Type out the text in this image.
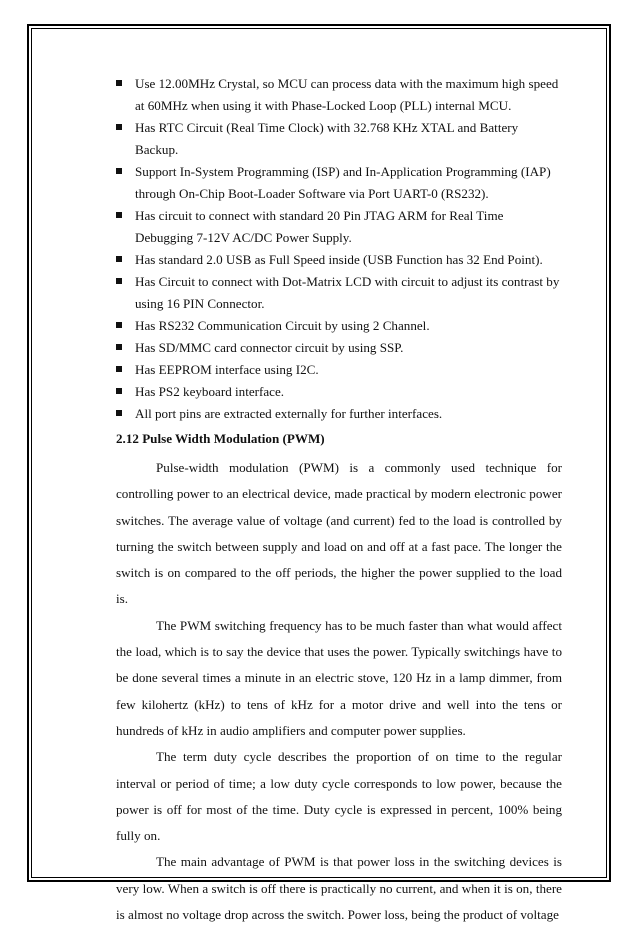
Use 12.00MHz Crystal, so MCU can process data with the maximum high speed at 60MHz when using it with Phase-Locked Loop (PLL) internal MCU.
Has RTC Circuit (Real Time Clock) with 32.768 KHz XTAL and Battery Backup.
Support In-System Programming (ISP) and In-Application Programming (IAP) through On-Chip Boot-Loader Software via Port UART-0 (RS232).
Has circuit to connect with standard 20 Pin JTAG ARM for Real Time Debugging 7-12V AC/DC Power Supply.
Has standard 2.0 USB as Full Speed inside (USB Function has 32 End Point).
Has Circuit to connect with Dot-Matrix LCD with circuit to adjust its contrast by using 16 PIN Connector.
Has RS232 Communication Circuit by using 2 Channel.
Has SD/MMC card connector circuit by using SSP.
Has EEPROM interface using I2C.
Has PS2 keyboard interface.
All port pins are extracted externally for further interfaces.
2.12 Pulse Width Modulation (PWM)

Pulse-width modulation (PWM) is a commonly used technique for controlling power to an electrical device, made practical by modern electronic power switches. The average value of voltage (and current) fed to the load is controlled by turning the switch between supply and load on and off at a fast pace. The longer the switch is on compared to the off periods, the higher the power supplied to the load is.

The PWM switching frequency has to be much faster than what would affect the load, which is to say the device that uses the power. Typically switchings have to be done several times a minute in an electric stove, 120 Hz in a lamp dimmer, from few kilohertz (kHz) to tens of kHz for a motor drive and well into the tens or hundreds of kHz in audio amplifiers and computer power supplies.

The term duty cycle describes the proportion of on time to the regular interval or period of time; a low duty cycle corresponds to low power, because the power is off for most of the time. Duty cycle is expressed in percent, 100% being fully on.

The main advantage of PWM is that power loss in the switching devices is very low. When a switch is off there is practically no current, and when it is on, there is almost no voltage drop across the switch. Power loss, being the product of voltage
